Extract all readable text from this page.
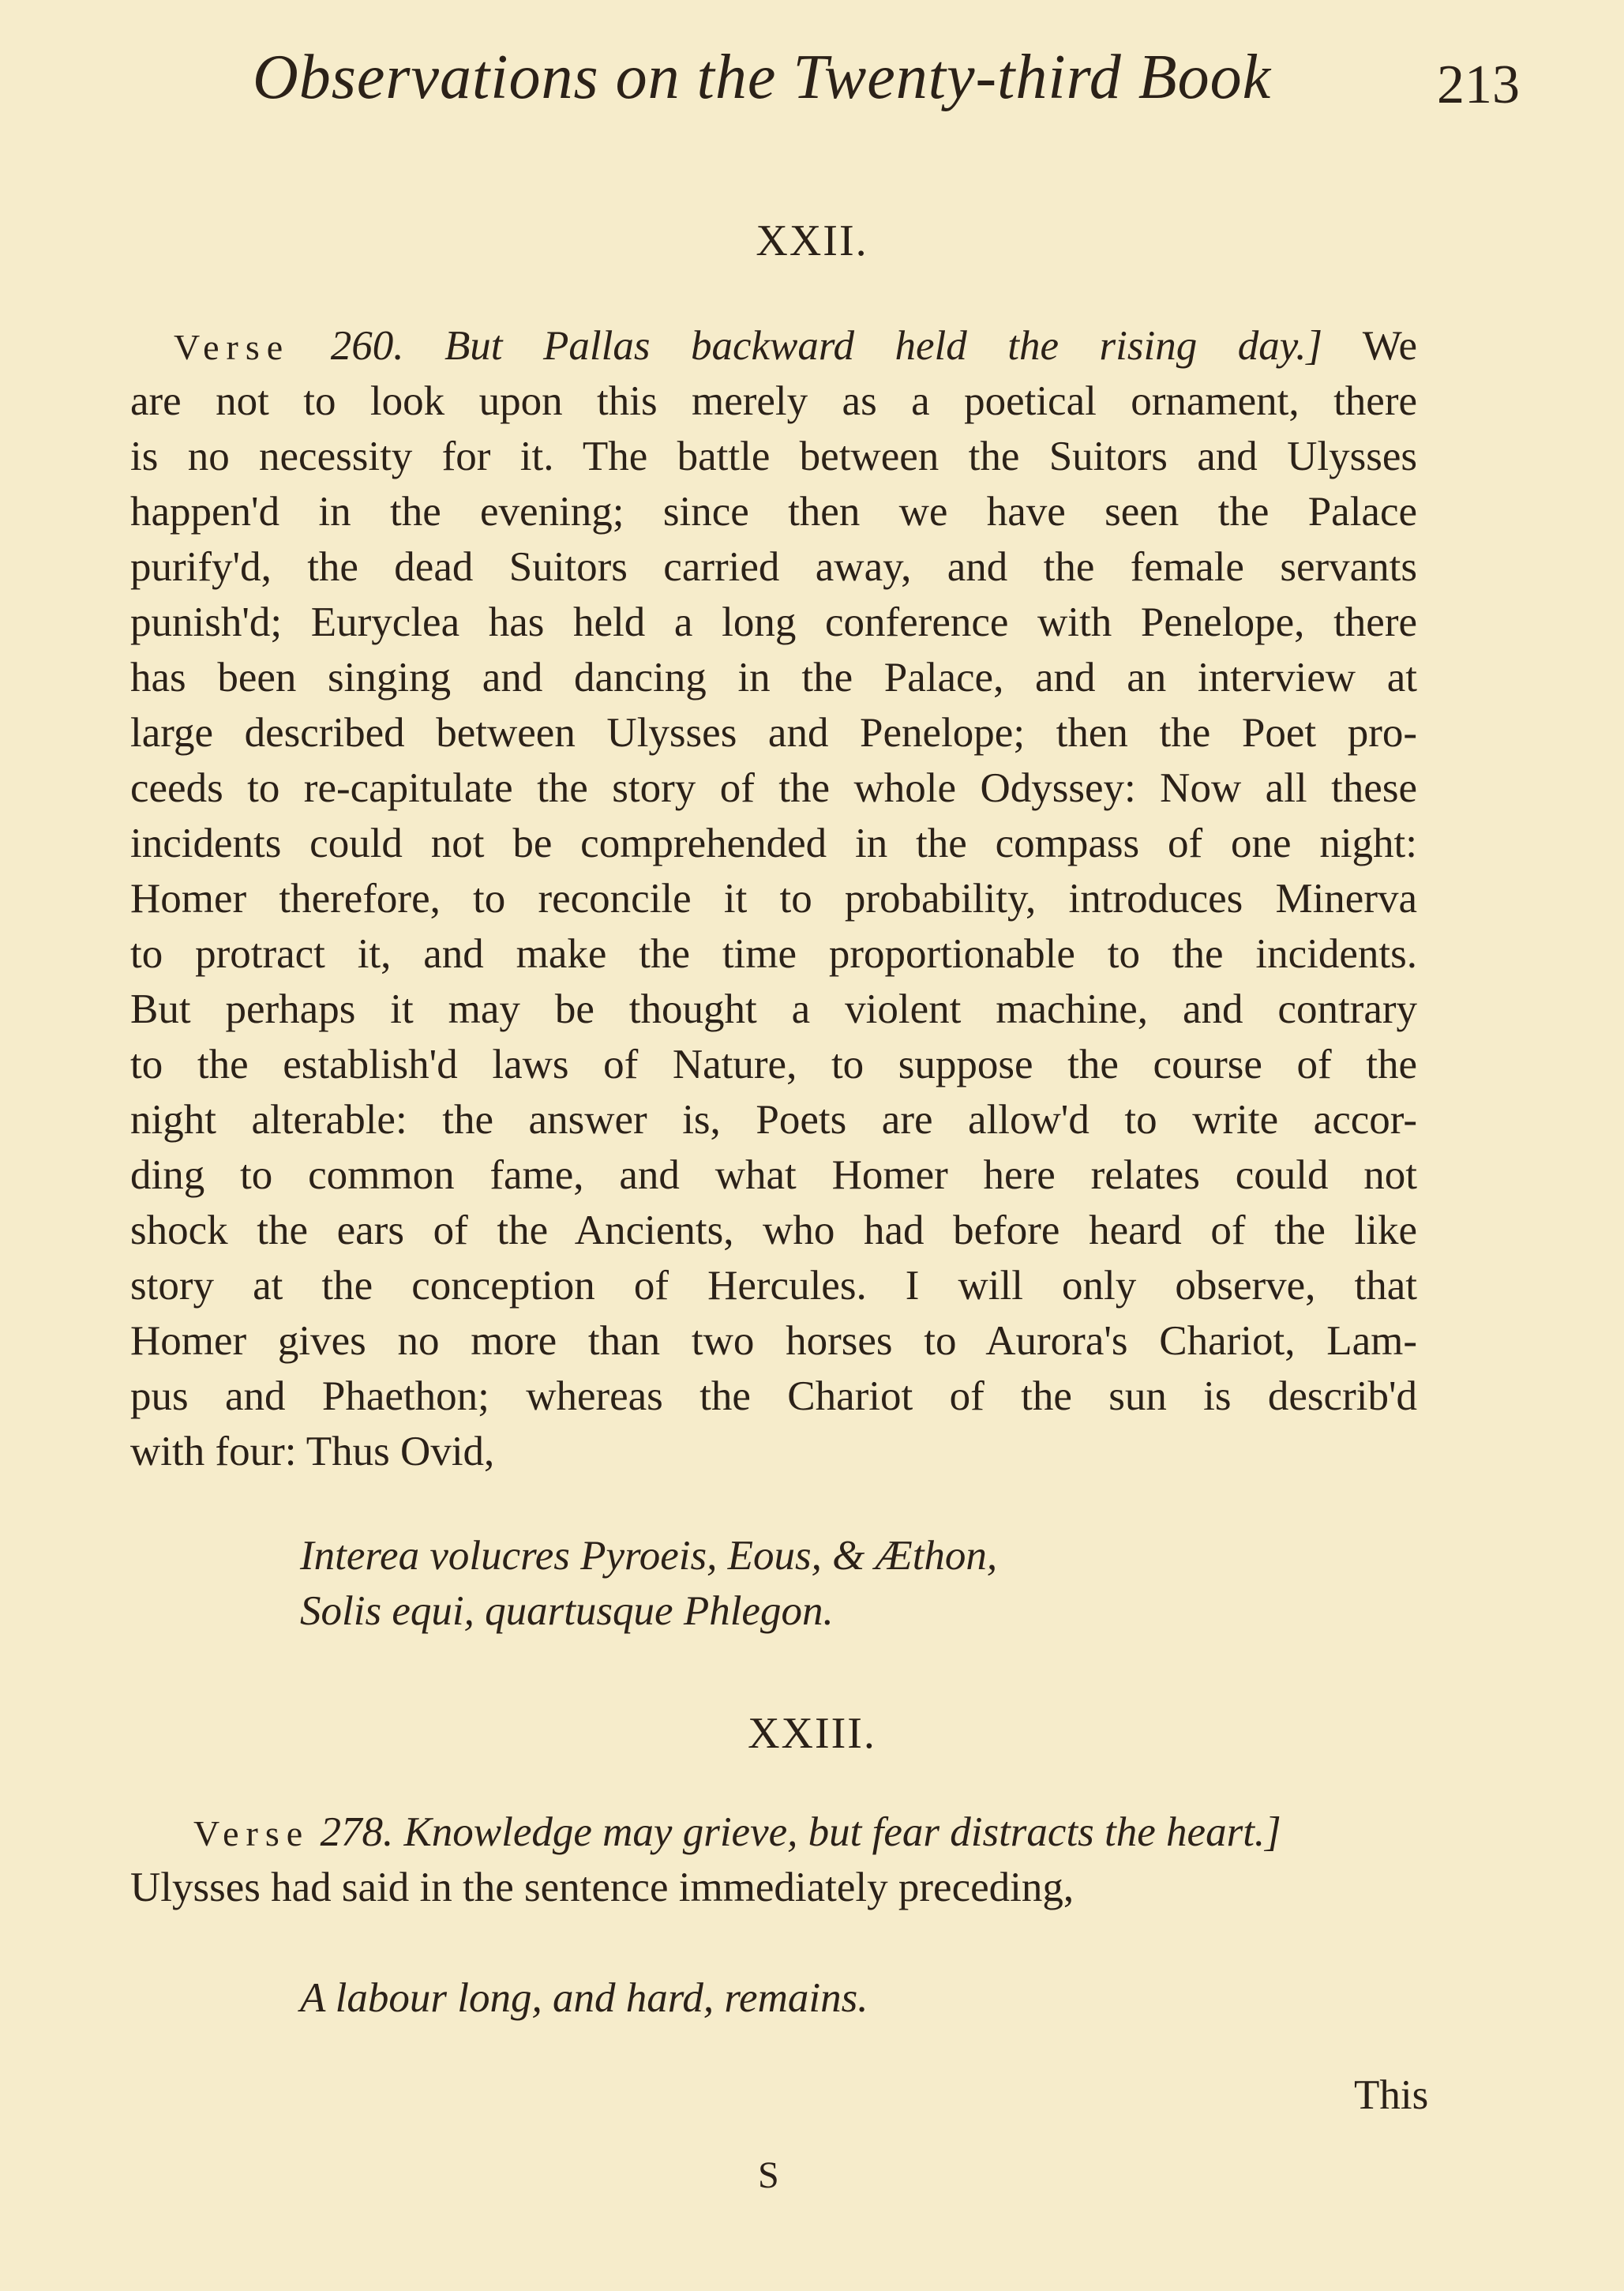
Observations on the Twenty-third Book	213
XXII.
Verse 260. But Pallas backward held the rising day.] We
are not to look upon this merely as a poetical ornament, there
is no necessity for it. The battle between the Suitors and Ulysses
happen'd in the evening; since then we have seen the Palace
purify'd, the dead Suitors carried away, and the female servants
punish'd; Euryclea has held a long conference with Penelope, there
has been singing and dancing in the Palace, and an interview at
large described between Ulysses and Penelope; then the Poet pro-
ceeds to re-capitulate the story of the whole Odyssey: Now all these
incidents could not be comprehended in the compass of one night:
Homer therefore, to reconcile it to probability, introduces Minerva
to protract it, and make the time proportionable to the incidents.
But perhaps it may be thought a violent machine, and contrary
to the establish'd laws of Nature, to suppose the course of the
night alterable: the answer is, Poets are allow'd to write accor-
ding to common fame, and what Homer here relates could not
shock the ears of the Ancients, who had before heard of the like
story at the conception of Hercules. I will only observe, that
Homer gives no more than two horses to Aurora's Chariot, Lam-
pus and Phaethon; whereas the Chariot of the sun is describ'd
with four: Thus Ovid,
Interea volucres Pyroeis, Eous, & Æthon,
Solis equi, quartusque Phlegon.
XXIII.
Verse 278. Knowledge may grieve, but fear distracts the heart.]
Ulysses had said in the sentence immediately preceding,
A labour long, and hard, remains.
This
S
